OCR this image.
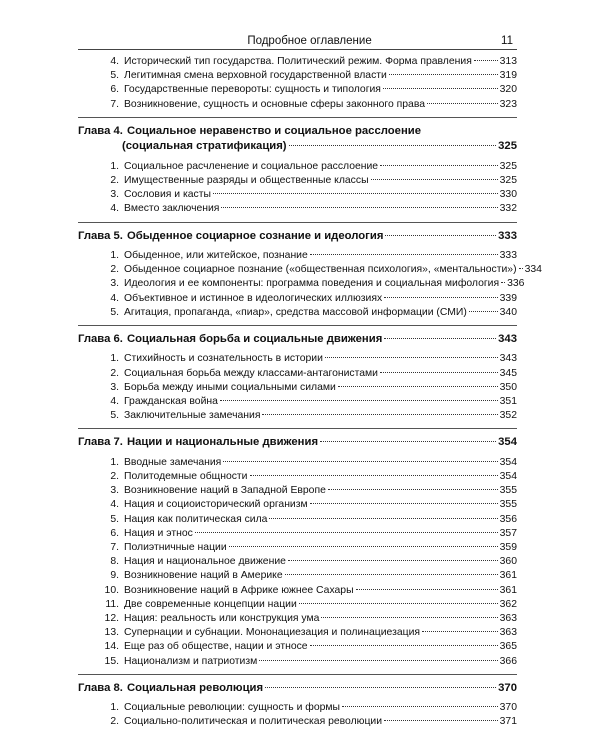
Подробное оглавление	11
4. Исторический тип государства. Политический режим. Форма правления	313
5. Легитимная смена верховной государственной власти	319
6. Государственные перевороты: сущность и типология	320
7. Возникновение, сущность и основные сферы законного права	323
Глава 4. Социальное неравенство и социальное расслоение
(социальная стратификация)	325
1. Социальное расчленение и социальное расслоение	325
2. Имущественные разряды и общественные классы	325
3. Сословия и касты	330
4. Вместо заключения	332
Глава 5. Обыденное социарное сознание и идеология	333
1. Обыденное, или житейское, познание	333
2. Обыденное социарное познание («общественная психология», «ментальности») 334
3. Идеология и ее компоненты: программа поведения и социальная мифология 336
4. Объективное и истинное в идеологических иллюзиях	339
5. Агитация, пропаганда, «пиар», средства массовой информации (СМИ)	340
Глава 6. Социальная борьба и социальные движения	343
1. Стихийность и сознательность в истории	343
2. Социальная борьба между классами-антагонистами	345
3. Борьба между иными социальными силами	350
4. Гражданская война	351
5. Заключительные замечания	352
Глава 7. Нации и национальные движения	354
1. Вводные замечания	354
2. Политодемные общности	354
3. Возникновение наций в Западной Европе	355
4. Нация и социоисторический организм	355
5. Нация как политическая сила	356
6. Нация и этнос	357
7. Полиэтничные нации	359
8. Нация и национальное движение	360
9. Возникновение наций в Америке	361
10. Возникновение наций в Африке южнее Сахары	361
11. Две современные концепции нации	362
12. Нация: реальность или конструкция ума	363
13. Супернации и субнации. Мононациезация и полинациезация	363
14. Еще раз об обществе, нации и этносе	365
15. Национализм и патриотизм	366
Глава 8. Социальная революция	370
1. Социальные революции: сущность и формы	370
2. Социально-политическая и политическая революции	371
